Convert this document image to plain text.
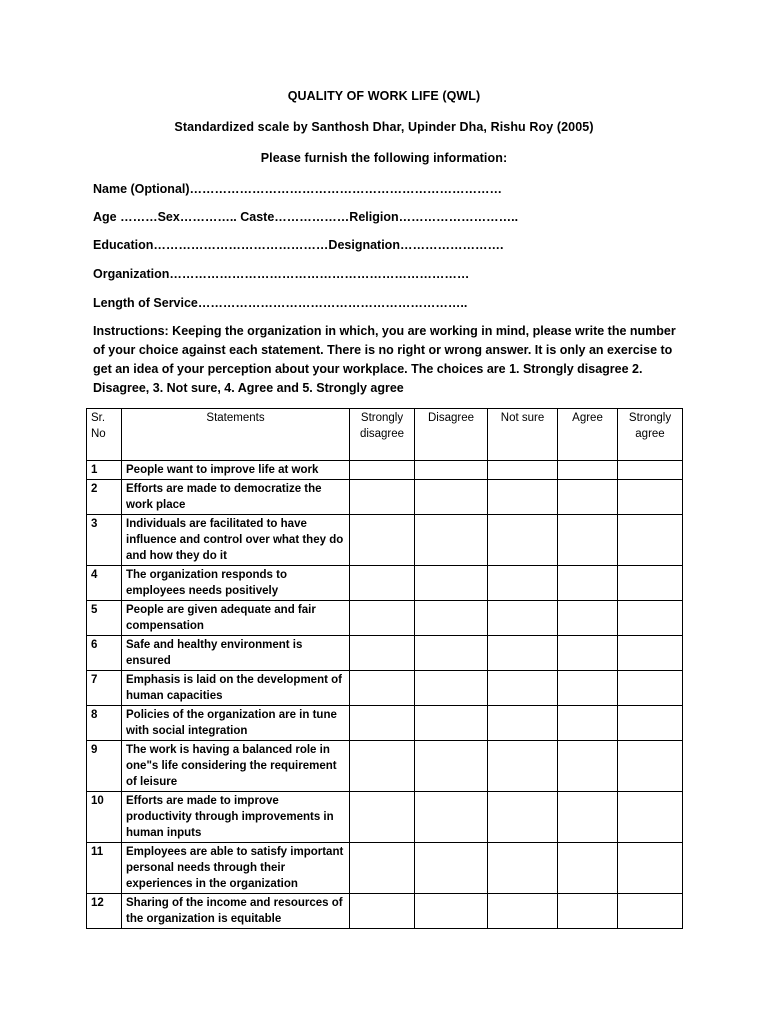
QUALITY OF WORK LIFE (QWL)
Standardized scale by Santhosh Dhar, Upinder Dha, Rishu Roy (2005)
Please furnish the following information:
Name (Optional)…………………………………………………………………
Age ………Sex………….. Caste………………Religion………………………..
Education……………………………………Designation…………………….
Organization………………………………………………………………
Length of Service………………………………………………………..
Instructions: Keeping the organization in which, you are working in mind, please write the number of your choice against each statement. There is no right or wrong answer. It is only an exercise to get an idea of your perception about your workplace. The choices are 1. Strongly disagree 2. Disagree, 3. Not sure, 4. Agree and 5. Strongly agree
Sr. No	Statements	Strongly disagree	Disagree	Not sure	Agree	Strongly agree
1	People want to improve life at work					
2	Efforts are made to democratize the work place					
3	Individuals are facilitated to have influence and control over what they do and how they do it					
4	The organization responds to employees needs positively					
5	People are given adequate and fair compensation					
6	Safe and healthy environment is ensured					
7	Emphasis is laid on the development of human capacities					
8	Policies of the organization are in tune with social integration					
9	The work is having a balanced role in one"s life considering the requirement of leisure					
10	Efforts are made to improve productivity through improvements in human inputs					
11	Employees are able to satisfy important personal needs through their experiences in the organization					
12	Sharing of the income and resources of the organization is equitable					
